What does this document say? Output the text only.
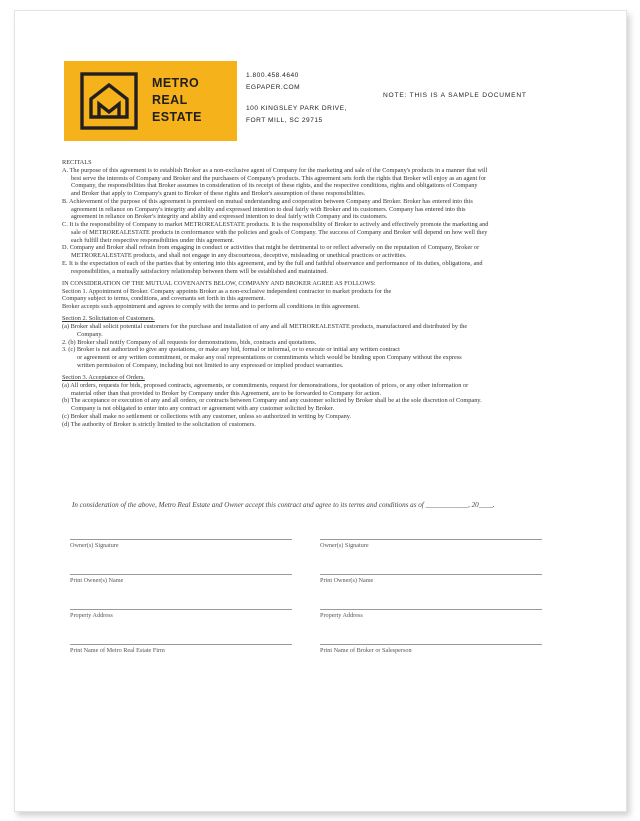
METRO
REAL
ESTATE
1.800.458.4640
EGPAPER.COM
100 KINGSLEY PARK DRIVE,
FORT MILL, SC 29715
NOTE: THIS IS A SAMPLE DOCUMENT
RECITALS
A. The purpose of this agreement is to establish Broker as a non-exclusive agent of Company for the marketing and sale of the Company's products in a manner that will
best serve the interests of Company and Broker and the purchasers of Company's products. This agreement sets forth the rights that Broker will enjoy as an agent for
Company, the responsibilities that Broker assumes in consideration of its receipt of these rights, and the respective conditions, rights and obligations of Company
and Broker that apply to Company's grant to Broker of these rights and Broker's assumption of these responsibilities.
B. Achievement of the purpose of this agreement is premised on mutual understanding and cooperation between Company and Broker. Broker has entered into this
agreement in reliance on Company's integrity and ability and expressed intention to deal fairly with Broker and its customers. Company has entered into this
agreement in reliance on Broker's integrity and ability and expressed intention to deal fairly with Company and its customers.
C. It is the responsibility of Company to market METROREALESTATE products. It is the responsibility of Broker to actively and effectively promote the marketing and
sale of METROREALESTATE products in conformance with the policies and goals of Company. The success of Company and Broker will depend on how well they
each fulfill their respective responsibilities under this agreement.
D. Company and Broker shall refrain from engaging in conduct or activities that might be detrimental to or reflect adversely on the reputation of Company, Broker or
METROREALESTATE products, and shall not engage in any discourteous, deceptive, misleading or unethical practices or activities.
E. It is the expectation of each of the parties that by entering into this agreement, and by the full and faithful observance and performance of its duties, obligations, and
responsibilities, a mutually satisfactory relationship between them will be established and maintained.
IN CONSIDERATION OF THE MUTUAL COVENANTS BELOW, COMPANY AND BROKER AGREE AS FOLLOWS:
Section 1. Appointment of Broker. Company appoints Broker as a non-exclusive independent contractor to market products for the
Company subject to terms, conditions, and covenants set forth in this agreement.
Broker accepts such appointment and agrees to comply with the terms and to perform all conditions in this agreement.
Section 2. Solicitation of Customers.
(a) Broker shall solicit potential customers for the purchase and installation of any and all METROREALESTATE products, manufactured and distributed by the
Company.
2. (b) Broker shall notify Company of all requests for demonstrations, bids, contracts and quotations.
3. (c) Broker is not authorized to give any quotations, or make any bid, formal or informal, or to execute or initial any written contract
or agreement or any written commitment, or make any oral representations or commitments which would be binding upon Company without the express
written permission of Company, including but not limited to any expressed or implied product warranties.
Section 3. Acceptance of Orders.
(a) All orders, requests for bids, proposed contracts, agreements, or commitments, request for demonstrations, for quotation of prices, or any other information or
material other than that provided to Broker by Company under this Agreement, are to be forwarded to Company for action.
(b) The acceptance or execution of any and all orders, or contracts between Company and any customer solicited by Broker shall be at the sole discretion of Company.
Company is not obligated to enter into any contract or agreement with any customer solicited by Broker.
(c) Broker shall make no settlement or collections with any customer, unless so authorized in writing by Company.
(d) The authority of Broker is strictly limited to the solicitation of customers.
In consideration of the above, Metro Real Estate and Owner accept this contract and agree to its terms and conditions as of ____________, 20____.
Owner(s) Signature	Owner(s) Signature
Print Owner(s) Name	Print Owner(s) Name
Property Address	Property Address
Print Name of Metro Real Estate Firm	Print Name of Broker or Salesperson
